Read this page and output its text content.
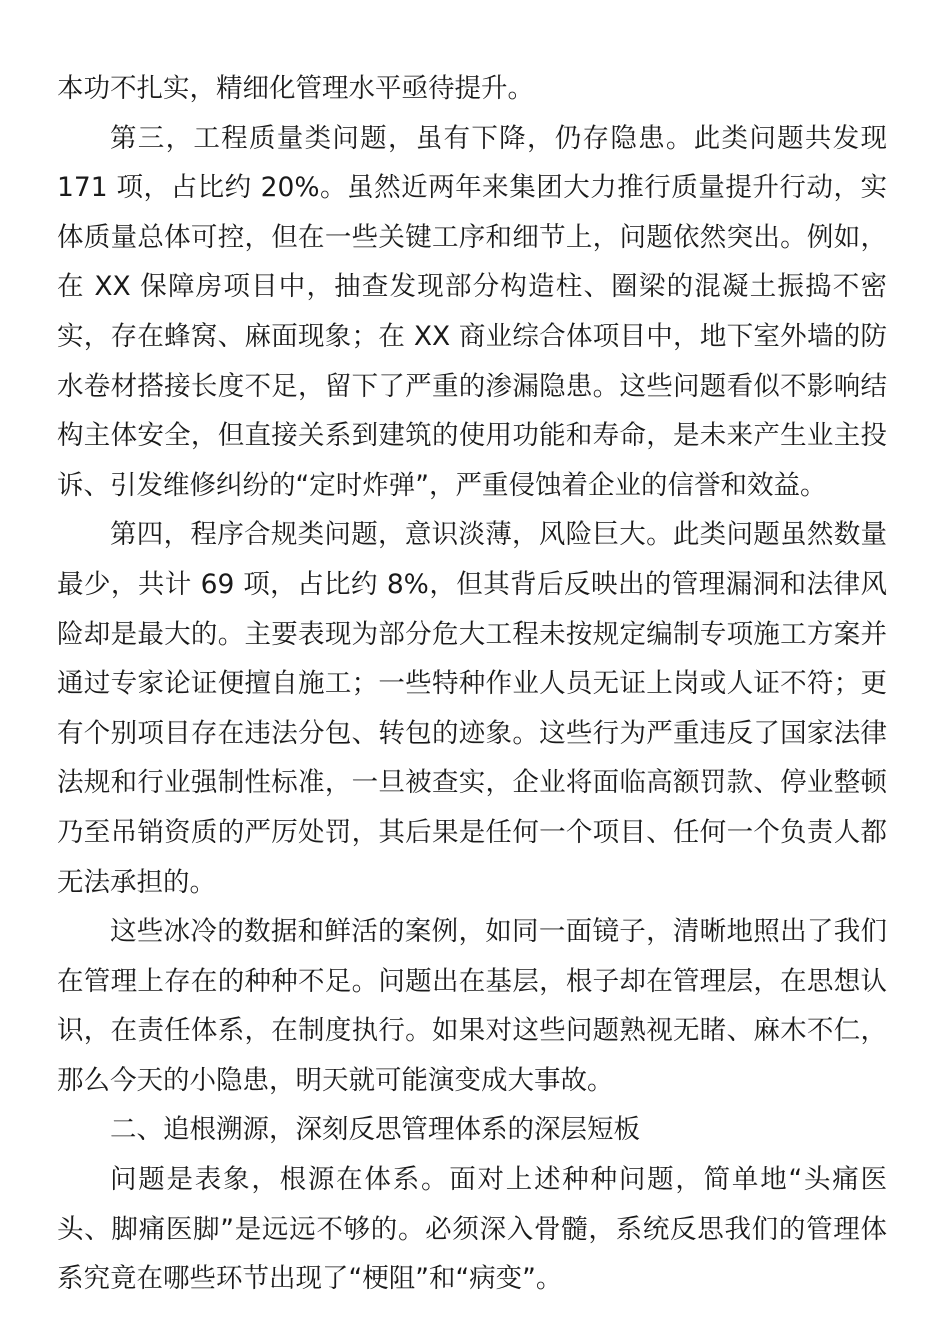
本功不扎实，精细化管理水平亟待提升。

第三，工程质量类问题，虽有下降，仍存隐患。此类问题共发现 171 项，占比约 20%。虽然近两年来集团大力推行质量提升行动，实体质量总体可控，但在一些关键工序和细节上，问题依然突出。例如，在 XX 保障房项目中，抽查发现部分构造柱、圈梁的混凝土振捣不密实，存在蜂窝、麻面现象；在 XX 商业综合体项目中，地下室外墙的防水卷材搭接长度不足，留下了严重的渗漏隐患。这些问题看似不影响结构主体安全，但直接关系到建筑的使用功能和寿命，是未来产生业主投诉、引发维修纠纷的“定时炸弹”，严重侵蚀着企业的信誉和效益。

第四，程序合规类问题，意识淡薄，风险巨大。此类问题虽然数量最少，共计 69 项，占比约 8%，但其背后反映出的管理漏洞和法律风险却是最大的。主要表现为部分危大工程未按规定编制专项施工方案并通过专家论证便擅自施工；一些特种作业人员无证上岗或人证不符；更有个别项目存在违法分包、转包的迹象。这些行为严重违反了国家法律法规和行业强制性标准，一旦被查实，企业将面临高额罚款、停业整顿乃至吊销资质的严厉处罚，其后果是任何一个项目、任何一个负责人都无法承担的。

这些冰冷的数据和鲜活的案例，如同一面镜子，清晰地照出了我们在管理上存在的种种不足。问题出在基层，根子却在管理层，在思想认识，在责任体系，在制度执行。如果对这些问题熟视无睹、麻木不仁，那么今天的小隐患，明天就可能演变成大事故。

二、追根溯源，深刻反思管理体系的深层短板

问题是表象，根源在体系。面对上述种种问题，简单地“头痛医头、脚痛医脚”是远远不够的。必须深入骨髓，系统反思我们的管理体系究竟在哪些环节出现了“梗阻”和“病变”。
